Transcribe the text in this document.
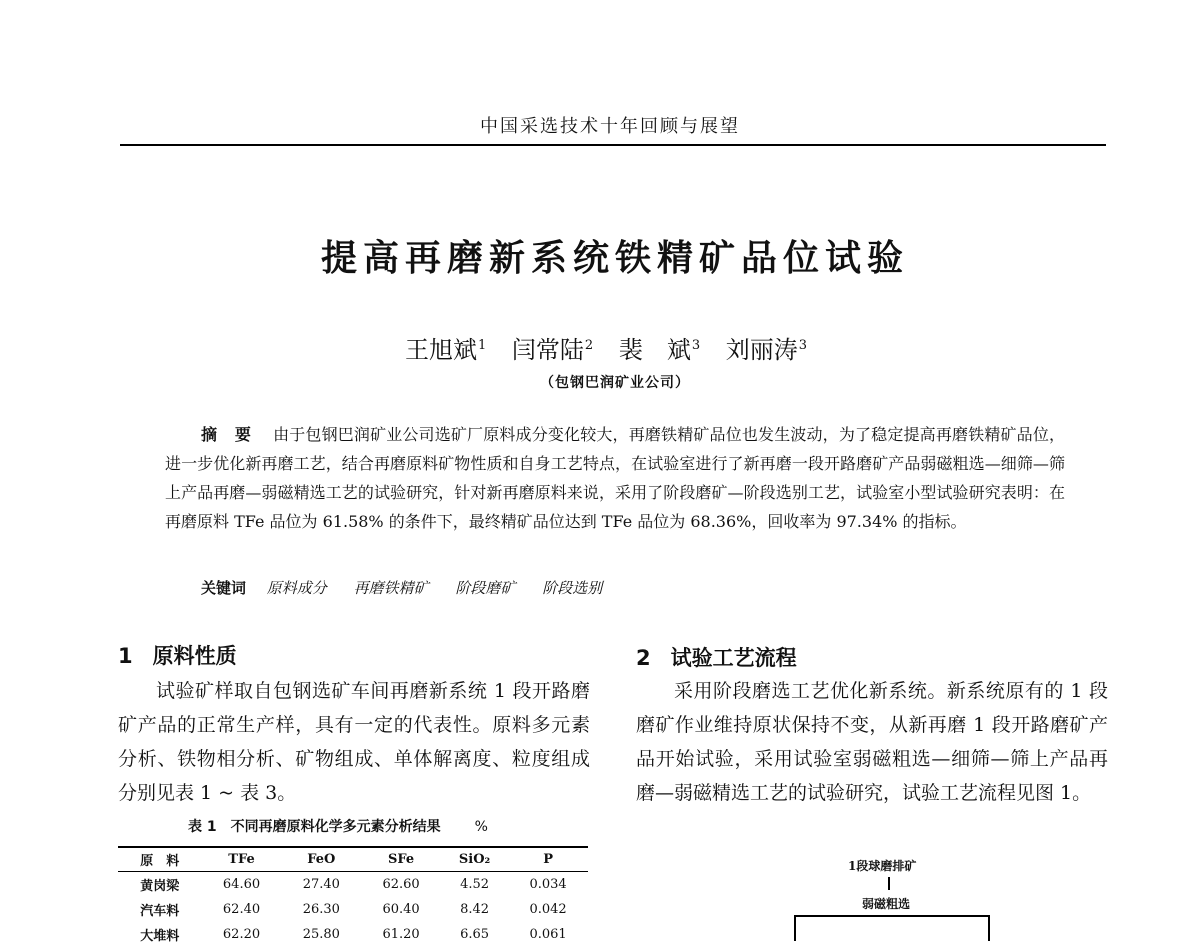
中国采选技术十年回顾与展望
提高再磨新系统铁精矿品位试验
王旭斌$^1$ 闫常陆$^2$ 裴　斌$^3$ 刘丽涛$^3$
（包钢巴润矿业公司）
摘 要 由于包钢巴润矿业公司选矿厂原料成分变化较大，再磨铁精矿品位也发生波动，为了稳定提高再磨铁精矿品位，进一步优化新再磨工艺，结合再磨原料矿物性质和自身工艺特点，在试验室进行了新再磨一段开路磨矿产品弱磁粗选—细筛—筛上产品再磨—弱磁精选工艺的试验研究，针对新再磨原料来说，采用了阶段磨矿—阶段选别工艺，试验室小型试验研究表明：在再磨原料 TFe 品位为 61.58% 的条件下，最终精矿品位达到 TFe 品位为 68.36%，回收率为 97.34% 的指标。
关键词 原料成分 再磨铁精矿 阶段磨矿 阶段选别
1 原料性质
试验矿样取自包钢选矿车间再磨新系统 1 段开路磨矿产品的正常生产样，具有一定的代表性。原料多元素分析、铁物相分析、矿物组成、单体解离度、粒度组成分别见表 1 ~ 表 3。
表 1　不同再磨原料化学多元素分析结果 %
原　料	TFe	FeO	SFe	SiO₂	P
黄岗梁	64.60	27.40	62.60	4.52	0.034
汽车料	62.40	26.30	60.40	8.42	0.042
大堆料	62.20	25.80	61.20	6.65	0.061
2 试验工艺流程
采用阶段磨选工艺优化新系统。新系统原有的 1 段磨矿作业维持原状保持不变，从新再磨 1 段开路磨矿产品开始试验，采用试验室弱磁粗选—细筛—筛上产品再磨—弱磁精选工艺的试验研究，试验工艺流程见图 1。
1段球磨排矿
弱磁粗选
